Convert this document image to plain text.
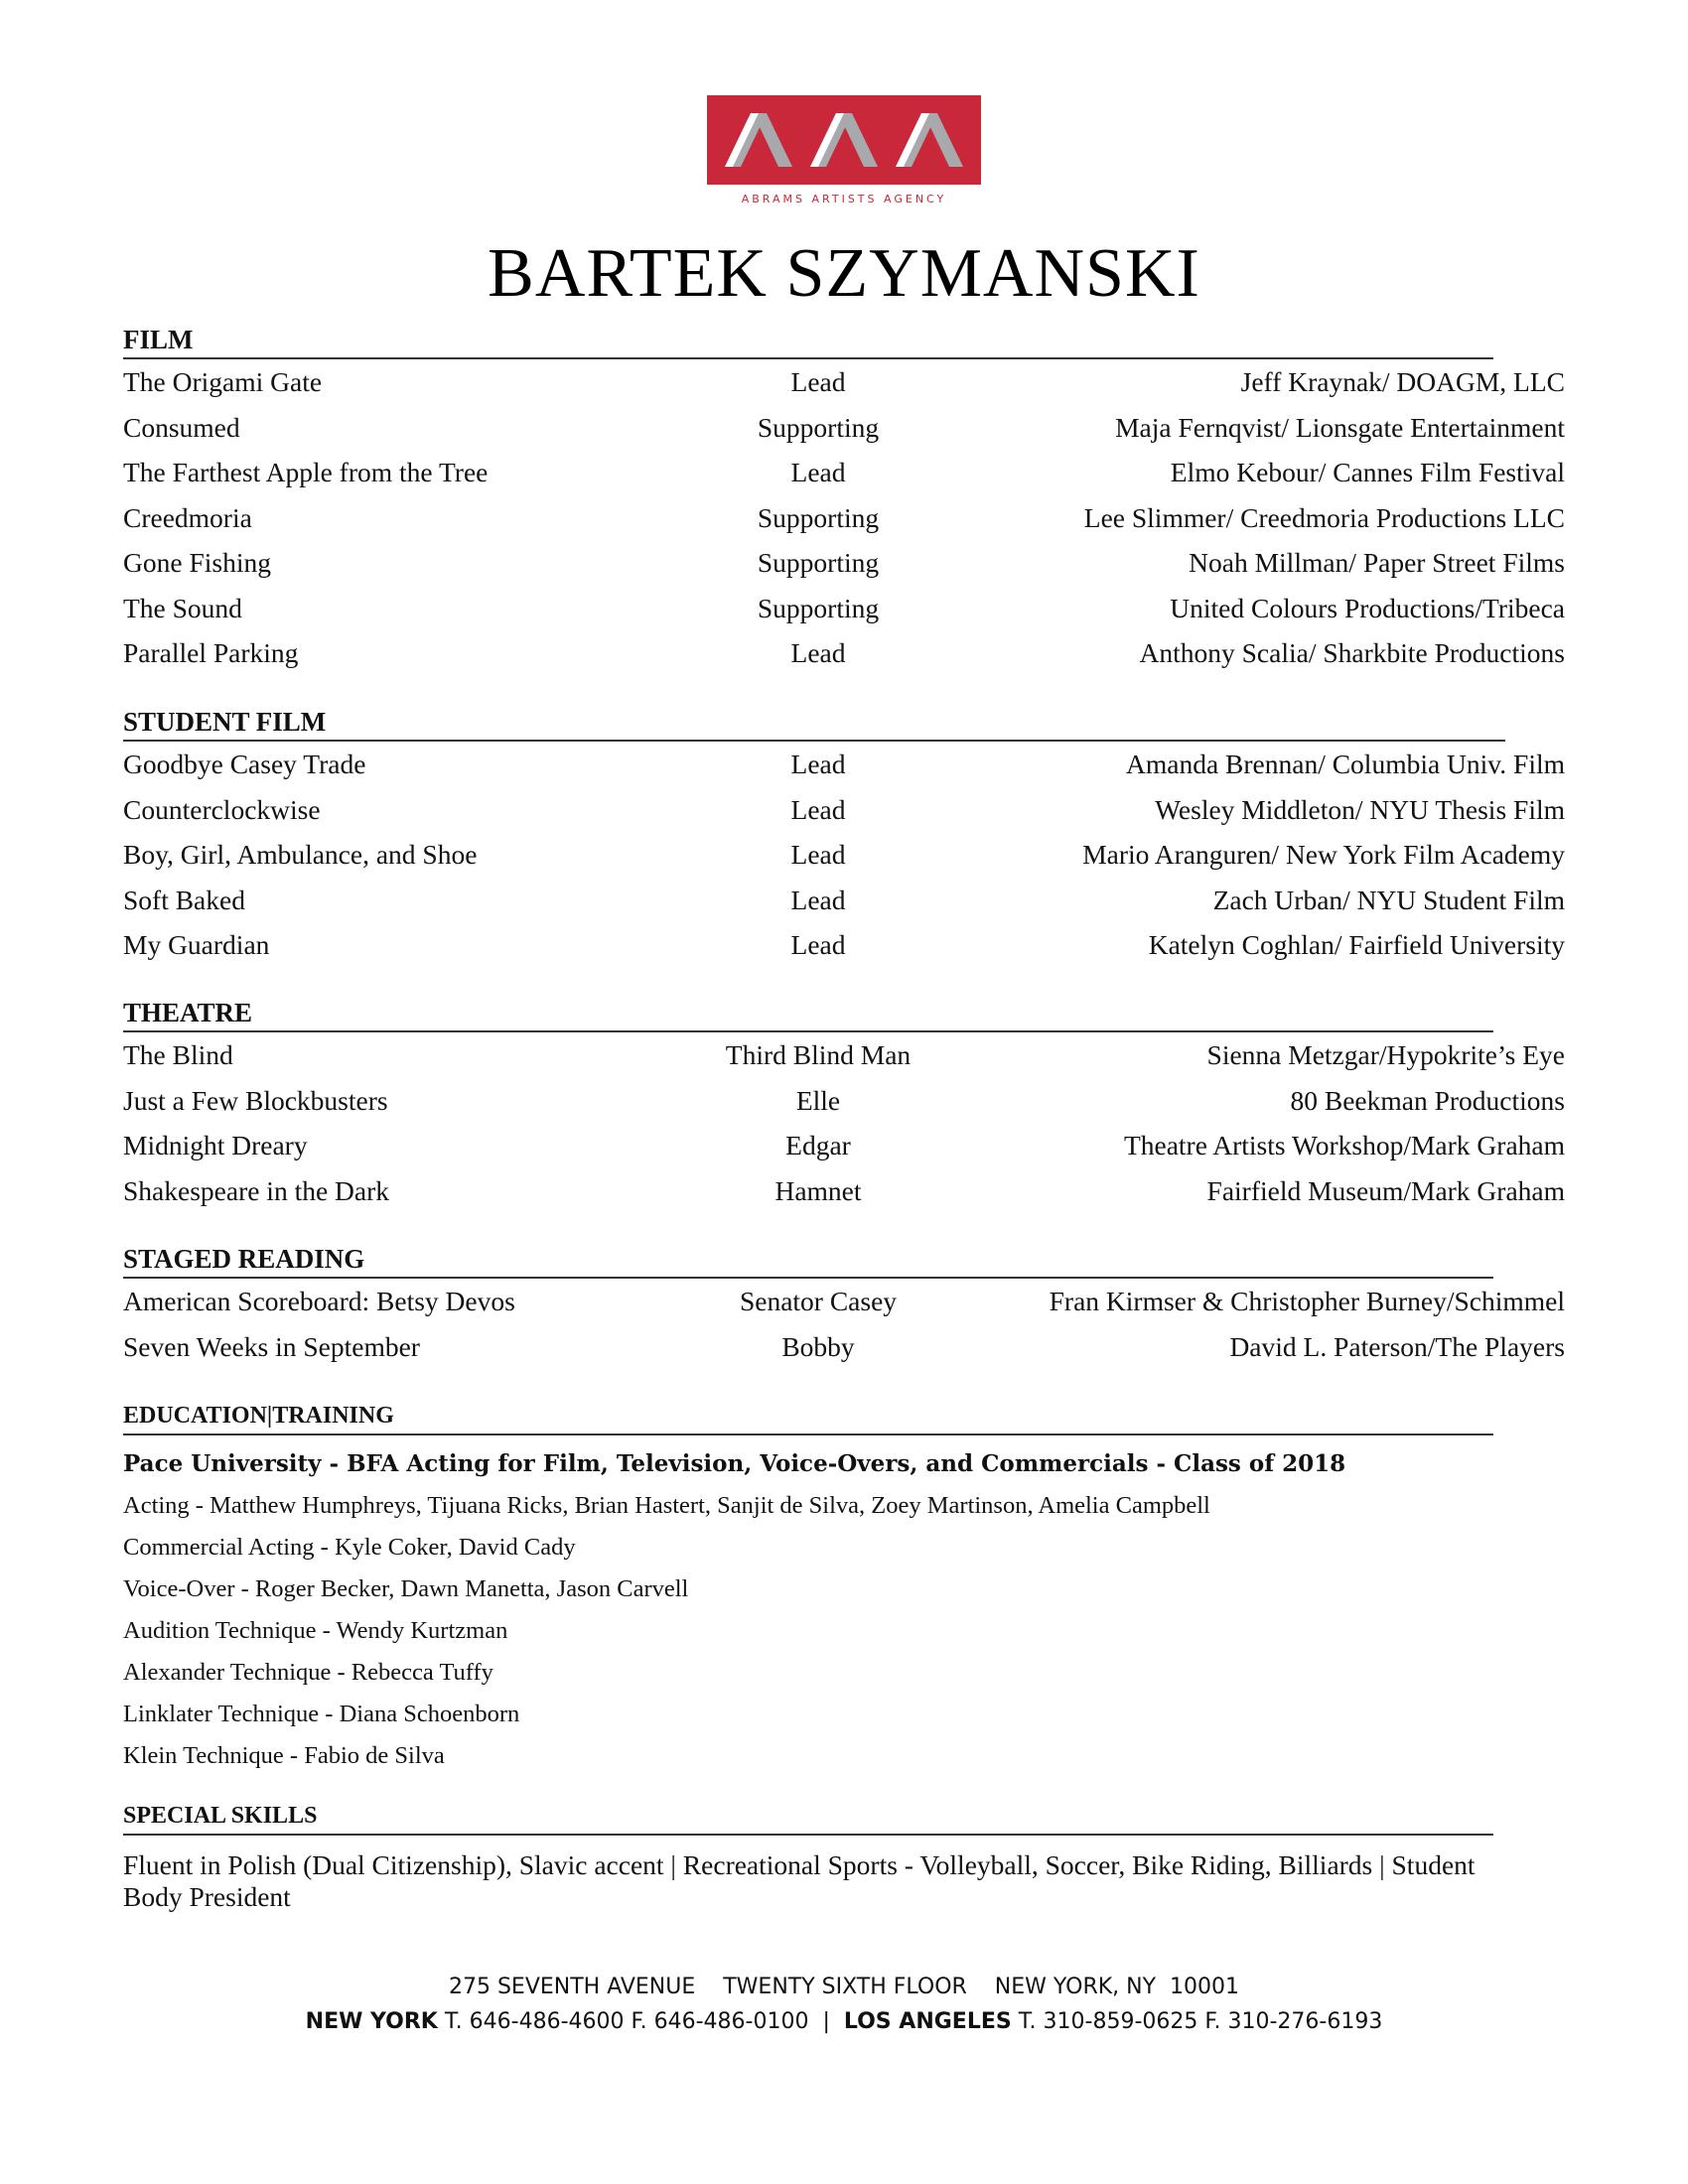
ABRAMS ARTISTS AGENCY
BARTEK SZYMANSKI
FILM
The Origami Gate	Lead	Jeff Kraynak/ DOAGM, LLC
Consumed	Supporting	Maja Fernqvist/ Lionsgate Entertainment
The Farthest Apple from the Tree	Lead	Elmo Kebour/ Cannes Film Festival
Creedmoria	Supporting	Lee Slimmer/ Creedmoria Productions LLC
Gone Fishing	Supporting	Noah Millman/ Paper Street Films
The Sound	Supporting	United Colours Productions/Tribeca
Parallel Parking	Lead	Anthony Scalia/ Sharkbite Productions
STUDENT FILM
Goodbye Casey Trade	Lead	Amanda Brennan/ Columbia Univ. Film
Counterclockwise	Lead	Wesley Middleton/ NYU Thesis Film
Boy, Girl, Ambulance, and Shoe	Lead	Mario Aranguren/ New York Film Academy
Soft Baked	Lead	Zach Urban/ NYU Student Film
My Guardian	Lead	Katelyn Coghlan/ Fairfield University
THEATRE
The Blind	Third Blind Man	Sienna Metzgar/Hypokrite’s Eye
Just a Few Blockbusters	Elle	80 Beekman Productions
Midnight Dreary	Edgar	Theatre Artists Workshop/Mark Graham
Shakespeare in the Dark	Hamnet	Fairfield Museum/Mark Graham
STAGED READING
American Scoreboard: Betsy Devos	Senator Casey	Fran Kirmser & Christopher Burney/Schimmel
Seven Weeks in September	Bobby	David L. Paterson/The Players
EDUCATION|TRAINING
Pace University - BFA Acting for Film, Television, Voice-Overs, and Commercials - Class of 2018
Acting - Matthew Humphreys, Tijuana Ricks, Brian Hastert, Sanjit de Silva, Zoey Martinson, Amelia Campbell
Commercial Acting - Kyle Coker, David Cady
Voice-Over - Roger Becker, Dawn Manetta, Jason Carvell
Audition Technique - Wendy Kurtzman
Alexander Technique - Rebecca Tuffy
Linklater Technique - Diana Schoenborn
Klein Technique - Fabio de Silva
SPECIAL SKILLS
Fluent in Polish (Dual Citizenship), Slavic accent | Recreational Sports - Volleyball, Soccer, Bike Riding, Billiards | Student Body President
275 SEVENTH AVENUE    TWENTY SIXTH FLOOR    NEW YORK, NY  10001
NEW YORK T. 646-486-4600 F. 646-486-0100  |  LOS ANGELES T. 310-859-0625 F. 310-276-6193
